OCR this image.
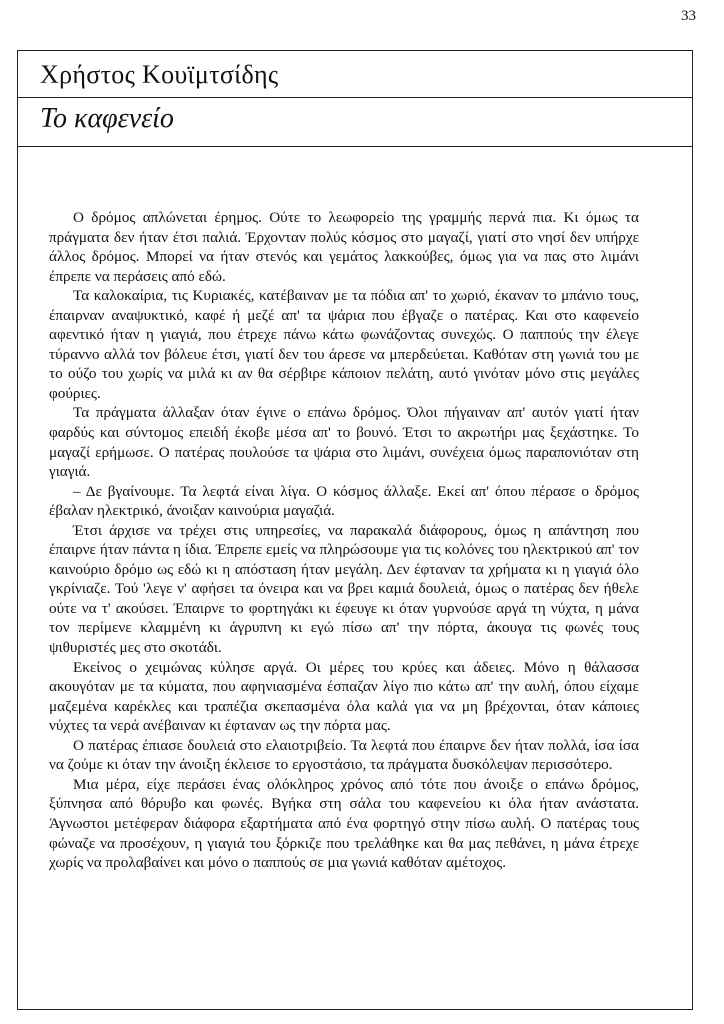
33
Χρήστος Κουϊμτσίδης
Το καφενείο

Ο δρόμος απλώνεται έρημος. Ούτε το λεωφορείο της γραμμής περνά πια. Κι όμως τα πράγματα δεν ήταν έτσι παλιά. Έρχονταν πολύς κόσμος στο μαγαζί, γιατί στο νησί δεν υπήρχε άλλος δρόμος. Μπορεί να ήταν στενός και γεμάτος λακκούβες, όμως για να πας στο λιμάνι έπρεπε να περάσεις από εδώ.

Τα καλοκαίρια, τις Κυριακές, κατέβαιναν με τα πόδια απ' το χωριό, έκαναν το μπάνιο τους, έπαιρναν αναψυκτικό, καφέ ή μεζέ απ' τα ψάρια που έβγαζε ο πατέρας. Και στο καφενείο αφεντικό ήταν η γιαγιά, που έτρεχε πάνω κάτω φωνάζοντας συνεχώς. Ο παππούς την έλεγε τύραννο αλλά τον βόλευε έτσι, γιατί δεν του άρεσε να μπερδεύεται. Καθόταν στη γωνιά του με το ούζο του χωρίς να μιλά κι αν θα σέρβιρε κάποιον πελάτη, αυτό γινόταν μόνο στις μεγάλες φούριες.

Τα πράγματα άλλαξαν όταν έγινε ο επάνω δρόμος. Όλοι πήγαιναν απ' αυτόν γιατί ήταν φαρδύς και σύντομος επειδή έκοβε μέσα απ' το βουνό. Έτσι το ακρωτήρι μας ξεχάστηκε. Το μαγαζί ερήμωσε. Ο πατέρας πουλούσε τα ψάρια στο λιμάνι, συνέχεια όμως παραπονιόταν στη γιαγιά.

– Δε βγαίνουμε. Τα λεφτά είναι λίγα. Ο κόσμος άλλαξε. Εκεί απ' όπου πέρασε ο δρόμος έβαλαν ηλεκτρικό, άνοιξαν καινούρια μαγαζιά.

Έτσι άρχισε να τρέχει στις υπηρεσίες, να παρακαλά διάφορους, όμως η απάντηση που έπαιρνε ήταν πάντα η ίδια. Έπρεπε εμείς να πληρώσουμε για τις κολόνες του ηλεκτρικού απ' τον καινούριο δρόμο ως εδώ κι η απόσταση ήταν μεγάλη. Δεν έφταναν τα χρήματα κι η γιαγιά όλο γκρίνιαζε. Τού 'λεγε ν' αφήσει τα όνειρα και να βρει καμιά δουλειά, όμως ο πατέρας δεν ήθελε ούτε να τ' ακούσει. Έπαιρνε το φορτηγάκι κι έφευγε κι όταν γυρνούσε αργά τη νύχτα, η μάνα τον περίμενε κλαμμένη κι άγρυπνη κι εγώ πίσω απ' την πόρτα, άκουγα τις φωνές τους ψιθυριστές μες στο σκοτάδι.

Εκείνος ο χειμώνας κύλησε αργά. Οι μέρες του κρύες και άδειες. Μόνο η θάλασσα ακουγόταν με τα κύματα, που αφηνιασμένα έσπαζαν λίγο πιο κάτω απ' την αυλή, όπου είχαμε μαζεμένα καρέκλες και τραπέζια σκεπασμένα όλα καλά για να μη βρέχονται, όταν κάποιες νύχτες τα νερά ανέβαιναν κι έφταναν ως την πόρτα μας.

Ο πατέρας έπιασε δουλειά στο ελαιοτριβείο. Τα λεφτά που έπαιρνε δεν ήταν πολλά, ίσα ίσα να ζούμε κι όταν την άνοιξη έκλεισε το εργοστάσιο, τα πράγματα δυσκόλεψαν περισσότερο.

Μια μέρα, είχε περάσει ένας ολόκληρος χρόνος από τότε που άνοιξε ο επάνω δρόμος, ξύπνησα από θόρυβο και φωνές. Βγήκα στη σάλα του καφενείου κι όλα ήταν ανάστατα. Άγνωστοι μετέφεραν διάφορα εξαρτήματα από ένα φορτηγό στην πίσω αυλή. Ο πατέρας τους φώναζε να προσέχουν, η γιαγιά του ξόρκιζε που τρελάθηκε και θα μας πεθάνει, η μάνα έτρεχε χωρίς να προλαβαίνει και μόνο ο παππούς σε μια γωνιά καθόταν αμέτοχος.
